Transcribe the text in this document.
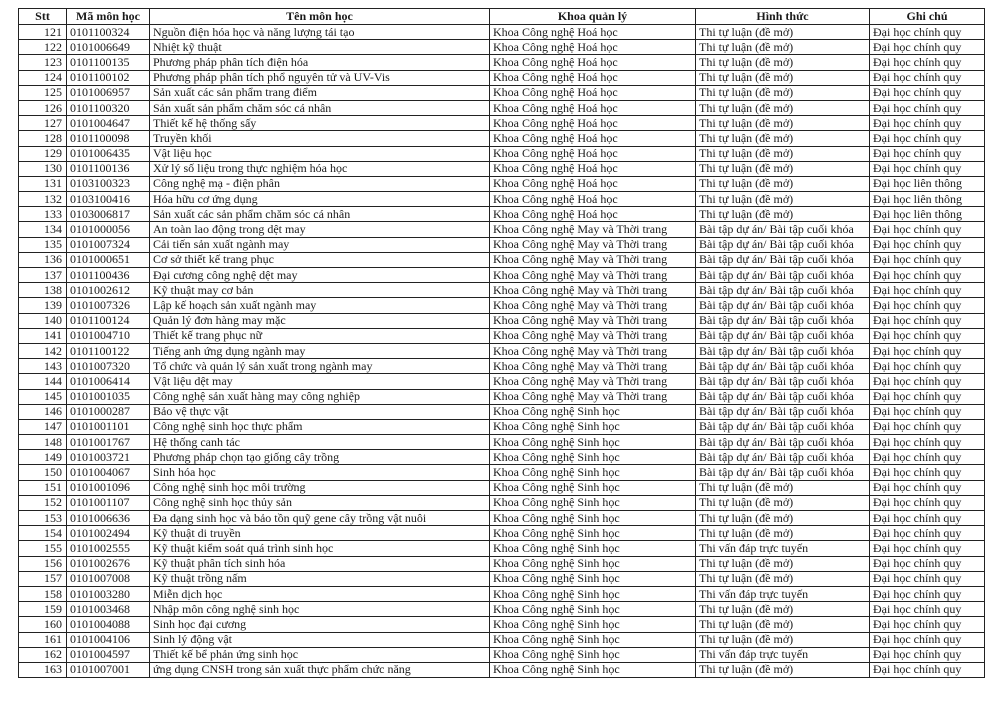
Stt	Mã môn học	Tên môn học	Khoa quản lý	Hình thức	Ghi chú
121	0101100324	Nguồn điện hóa học và năng lượng tái tạo	Khoa Công nghệ Hoá học	Thi tự luận (đề mở)	Đại học chính quy
122	0101006649	Nhiệt kỹ thuật	Khoa Công nghệ Hoá học	Thi tự luận (đề mở)	Đại học chính quy
123	0101100135	Phương pháp phân tích điện hóa	Khoa Công nghệ Hoá học	Thi tự luận (đề mở)	Đại học chính quy
124	0101100102	Phương pháp phân tích phổ nguyên tử và UV-Vis	Khoa Công nghệ Hoá học	Thi tự luận (đề mở)	Đại học chính quy
125	0101006957	Sản xuất các sản phẩm trang điểm	Khoa Công nghệ Hoá học	Thi tự luận (đề mở)	Đại học chính quy
126	0101100320	Sản xuất sản phẩm chăm sóc cá nhân	Khoa Công nghệ Hoá học	Thi tự luận (đề mở)	Đại học chính quy
127	0101004647	Thiết kế hệ thống sấy	Khoa Công nghệ Hoá học	Thi tự luận (đề mở)	Đại học chính quy
128	0101100098	Truyền khối	Khoa Công nghệ Hoá học	Thi tự luận (đề mở)	Đại học chính quy
129	0101006435	Vật liệu học	Khoa Công nghệ Hoá học	Thi tự luận (đề mở)	Đại học chính quy
130	0101100136	Xử lý số liệu trong thực nghiệm hóa học	Khoa Công nghệ Hoá học	Thi tự luận (đề mở)	Đại học chính quy
131	0103100323	Công nghệ mạ - điện phân	Khoa Công nghệ Hoá học	Thi tự luận (đề mở)	Đại học liên thông
132	0103100416	Hóa hữu cơ ứng dụng	Khoa Công nghệ Hoá học	Thi tự luận (đề mở)	Đại học liên thông
133	0103006817	Sản xuất các sản phẩm chăm sóc cá nhân	Khoa Công nghệ Hoá học	Thi tự luận (đề mở)	Đại học liên thông
134	0101000056	An toàn lao động trong dệt may	Khoa Công nghệ May và Thời trang	Bài tập dự án/ Bài tập cuối khóa	Đại học chính quy
135	0101007324	Cải tiến sản xuất ngành may	Khoa Công nghệ May và Thời trang	Bài tập dự án/ Bài tập cuối khóa	Đại học chính quy
136	0101000651	Cơ sở thiết kế trang phục	Khoa Công nghệ May và Thời trang	Bài tập dự án/ Bài tập cuối khóa	Đại học chính quy
137	0101100436	Đại cương công nghệ dệt may	Khoa Công nghệ May và Thời trang	Bài tập dự án/ Bài tập cuối khóa	Đại học chính quy
138	0101002612	Kỹ thuật may cơ bản	Khoa Công nghệ May và Thời trang	Bài tập dự án/ Bài tập cuối khóa	Đại học chính quy
139	0101007326	Lập kế hoạch sản xuất ngành may	Khoa Công nghệ May và Thời trang	Bài tập dự án/ Bài tập cuối khóa	Đại học chính quy
140	0101100124	Quản lý đơn hàng may mặc	Khoa Công nghệ May và Thời trang	Bài tập dự án/ Bài tập cuối khóa	Đại học chính quy
141	0101004710	Thiết kế trang phục nữ	Khoa Công nghệ May và Thời trang	Bài tập dự án/ Bài tập cuối khóa	Đại học chính quy
142	0101100122	Tiếng anh ứng dụng ngành may	Khoa Công nghệ May và Thời trang	Bài tập dự án/ Bài tập cuối khóa	Đại học chính quy
143	0101007320	Tổ chức và quản lý sản xuất trong ngành may	Khoa Công nghệ May và Thời trang	Bài tập dự án/ Bài tập cuối khóa	Đại học chính quy
144	0101006414	Vật liệu dệt may	Khoa Công nghệ May và Thời trang	Bài tập dự án/ Bài tập cuối khóa	Đại học chính quy
145	0101001035	Công nghệ sản xuất hàng may công nghiệp	Khoa Công nghệ May và Thời trang	Bài tập dự án/ Bài tập cuối khóa	Đại học chính quy
146	0101000287	Bảo vệ thực vật	Khoa Công nghệ Sinh học	Bài tập dự án/ Bài tập cuối khóa	Đại học chính quy
147	0101001101	Công nghệ sinh học thực phẩm	Khoa Công nghệ Sinh học	Bài tập dự án/ Bài tập cuối khóa	Đại học chính quy
148	0101001767	Hệ thống canh tác	Khoa Công nghệ Sinh học	Bài tập dự án/ Bài tập cuối khóa	Đại học chính quy
149	0101003721	Phương pháp chọn tạo giống cây trồng	Khoa Công nghệ Sinh học	Bài tập dự án/ Bài tập cuối khóa	Đại học chính quy
150	0101004067	Sinh hóa học	Khoa Công nghệ Sinh học	Bài tập dự án/ Bài tập cuối khóa	Đại học chính quy
151	0101001096	Công nghệ sinh học môi trường	Khoa Công nghệ Sinh học	Thi tự luận (đề mở)	Đại học chính quy
152	0101001107	Công nghệ sinh học thủy sản	Khoa Công nghệ Sinh học	Thi tự luận (đề mở)	Đại học chính quy
153	0101006636	Đa dạng sinh học và bảo tồn quỹ gene cây trồng vật nuôi	Khoa Công nghệ Sinh học	Thi tự luận (đề mở)	Đại học chính quy
154	0101002494	Kỹ thuật di truyền	Khoa Công nghệ Sinh học	Thi tự luận (đề mở)	Đại học chính quy
155	0101002555	Kỹ thuật kiểm soát quá trình sinh học	Khoa Công nghệ Sinh học	Thi vấn đáp trực tuyến	Đại học chính quy
156	0101002676	Kỹ thuật phân tích sinh hóa	Khoa Công nghệ Sinh học	Thi tự luận (đề mở)	Đại học chính quy
157	0101007008	Kỹ thuật trồng nấm	Khoa Công nghệ Sinh học	Thi tự luận (đề mở)	Đại học chính quy
158	0101003280	Miễn dịch học	Khoa Công nghệ Sinh học	Thi vấn đáp trực tuyến	Đại học chính quy
159	0101003468	Nhập môn công nghệ sinh học	Khoa Công nghệ Sinh học	Thi tự luận (đề mở)	Đại học chính quy
160	0101004088	Sinh học đại cương	Khoa Công nghệ Sinh học	Thi tự luận (đề mở)	Đại học chính quy
161	0101004106	Sinh lý động vật	Khoa Công nghệ Sinh học	Thi tự luận (đề mở)	Đại học chính quy
162	0101004597	Thiết kế bể phản ứng sinh học	Khoa Công nghệ Sinh học	Thi vấn đáp trực tuyến	Đại học chính quy
163	0101007001	ứng dụng CNSH trong sản xuất thực phẩm chức năng	Khoa Công nghệ Sinh học	Thi tự luận (đề mở)	Đại học chính quy
